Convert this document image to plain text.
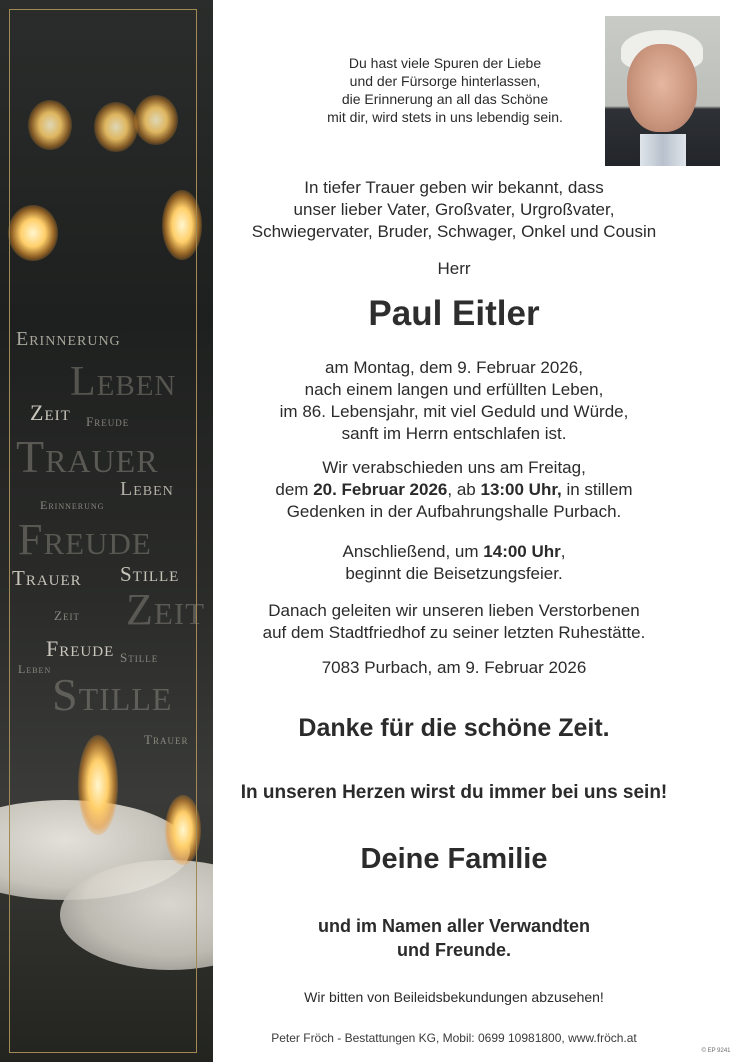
Erinnerung
Leben
Zeit Freude
Trauer
Leben
Erinnerung
Freude
Trauer Stille
Zeit
Zeit
Freude Stille
Leben Stille
Trauer
Du hast viele Spuren der Liebe
und der Fürsorge hinterlassen,
die Erinnerung an all das Schöne
mit dir, wird stets in uns lebendig sein.
In tiefer Trauer geben wir bekannt, dass
unser lieber Vater, Großvater, Urgroßvater,
Schwiegervater, Bruder, Schwager, Onkel und Cousin
Herr
Paul Eitler
am Montag, dem 9. Februar 2026,
nach einem langen und erfüllten Leben,
im 86. Lebensjahr, mit viel Geduld und Würde,
sanft im Herrn entschlafen ist.
Wir verabschieden uns am Freitag,
dem 20. Februar 2026, ab 13:00 Uhr, in stillem
Gedenken in der Aufbahrungshalle Purbach.
Anschließend, um 14:00 Uhr,
beginnt die Beisetzungsfeier.
Danach geleiten wir unseren lieben Verstorbenen
auf dem Stadtfriedhof zu seiner letzten Ruhestätte.
7083 Purbach, am 9. Februar 2026
Danke für die schöne Zeit.
In unseren Herzen wirst du immer bei uns sein!
Deine Familie
und im Namen aller Verwandten
und Freunde.
Wir bitten von Beileidsbekundungen abzusehen!
Peter Fröch - Bestattungen KG, Mobil: 0699 10981800, www.fröch.at
© EP 9241
